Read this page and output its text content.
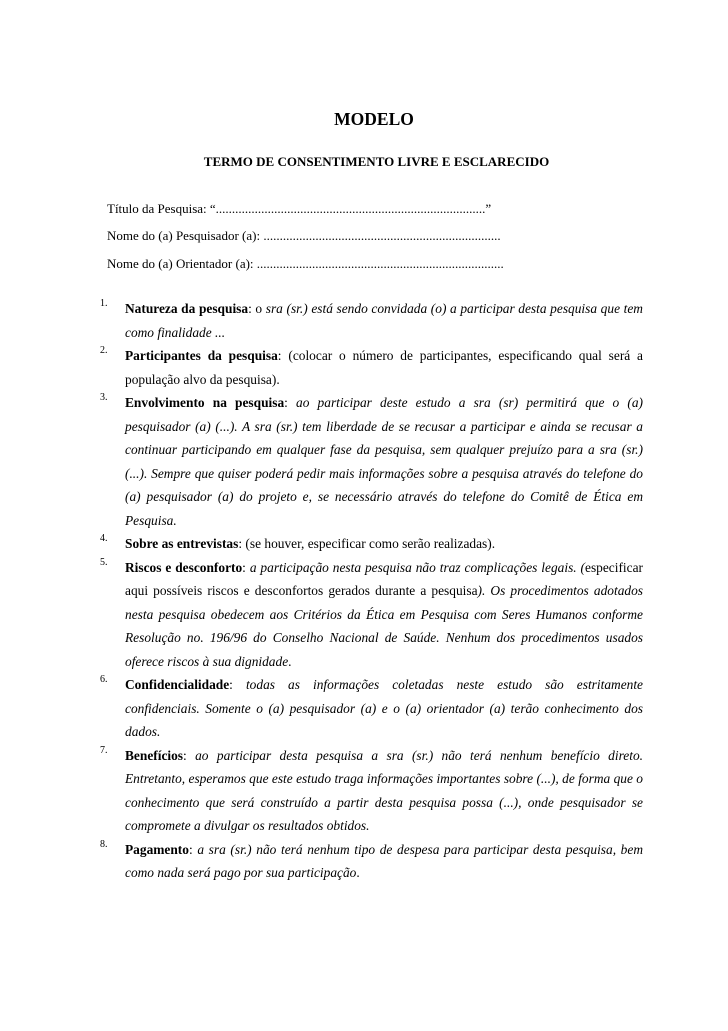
MODELO
TERMO DE CONSENTIMENTO LIVRE E ESCLARECIDO
Título da Pesquisa: “...................................................................................”
Nome do (a) Pesquisador (a): .........................................................................
Nome do (a) Orientador (a): ............................................................................
1. Natureza da pesquisa: o sra (sr.) está sendo convidada (o) a participar desta pesquisa que tem como finalidade ...

2. Participantes da pesquisa: (colocar o número de participantes, especificando qual será a população alvo da pesquisa).

3. Envolvimento na pesquisa: ao participar deste estudo a sra (sr) permitirá que o (a) pesquisador (a) (...). A sra (sr.) tem liberdade de se recusar a participar e ainda se recusar a continuar participando em qualquer fase da pesquisa, sem qualquer prejuízo para a sra (sr.) (...). Sempre que quiser poderá pedir mais informações sobre a pesquisa através do telefone do (a) pesquisador (a) do projeto e, se necessário através do telefone do Comitê de Ética em Pesquisa.

4. Sobre as entrevistas: (se houver, especificar como serão realizadas).

5. Riscos e desconforto: a participação nesta pesquisa não traz complicações legais. (especificar aqui possíveis riscos e desconfortos gerados durante a pesquisa). Os procedimentos adotados nesta pesquisa obedecem aos Critérios da Ética em Pesquisa com Seres Humanos conforme Resolução no. 196/96 do Conselho Nacional de Saúde. Nenhum dos procedimentos usados oferece riscos à sua dignidade.

6. Confidencialidade: todas as informações coletadas neste estudo são estritamente confidenciais. Somente o (a) pesquisador (a) e o (a) orientador (a) terão conhecimento dos dados.

7. Benefícios: ao participar desta pesquisa a sra (sr.) não terá nenhum benefício direto. Entretanto, esperamos que este estudo traga informações importantes sobre (...), de forma que o conhecimento que será construído a partir desta pesquisa possa (...), onde pesquisador se compromete a divulgar os resultados obtidos.

8. Pagamento: a sra (sr.) não terá nenhum tipo de despesa para participar desta pesquisa, bem como nada será pago por sua participação.
